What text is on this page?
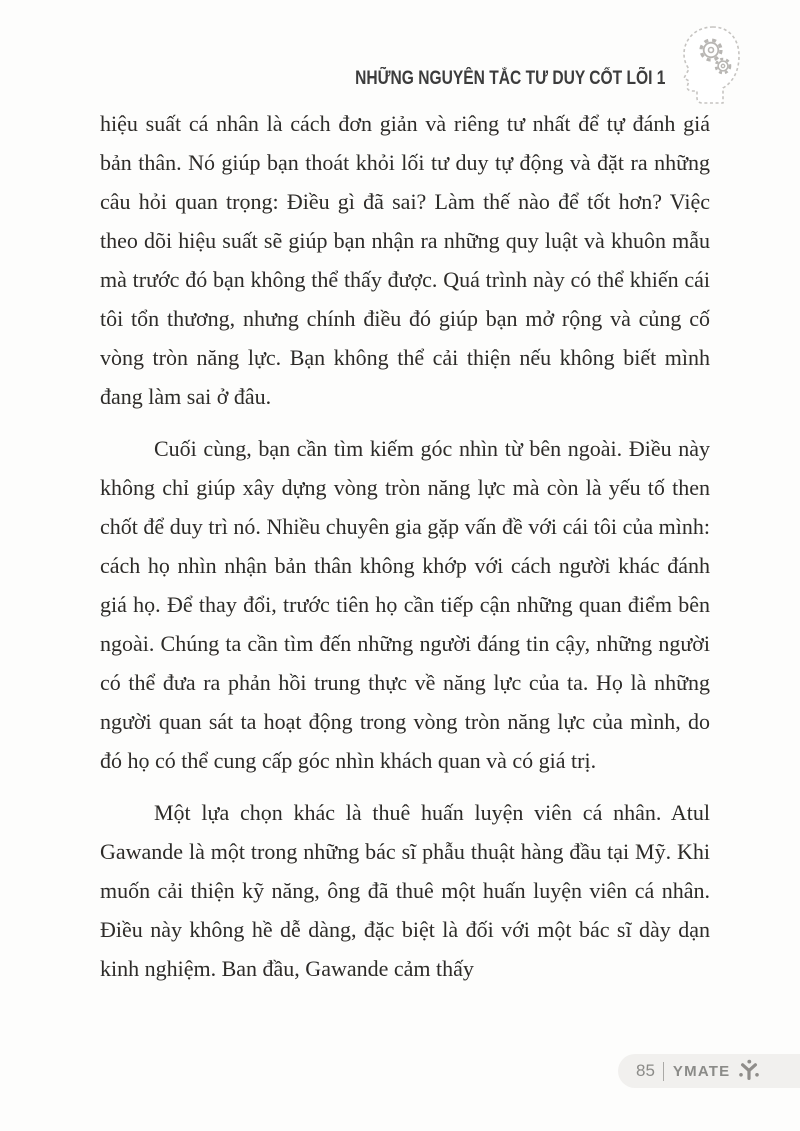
NHỮNG NGUYÊN TẮC TƯ DUY CỐT LÕI 1

hiệu suất cá nhân là cách đơn giản và riêng tư nhất để tự đánh giá bản thân. Nó giúp bạn thoát khỏi lối tư duy tự động và đặt ra những câu hỏi quan trọng: Điều gì đã sai? Làm thế nào để tốt hơn? Việc theo dõi hiệu suất sẽ giúp bạn nhận ra những quy luật và khuôn mẫu mà trước đó bạn không thể thấy được. Quá trình này có thể khiến cái tôi tổn thương, nhưng chính điều đó giúp bạn mở rộng và củng cố vòng tròn năng lực. Bạn không thể cải thiện nếu không biết mình đang làm sai ở đâu.

Cuối cùng, bạn cần tìm kiếm góc nhìn từ bên ngoài. Điều này không chỉ giúp xây dựng vòng tròn năng lực mà còn là yếu tố then chốt để duy trì nó. Nhiều chuyên gia gặp vấn đề với cái tôi của mình: cách họ nhìn nhận bản thân không khớp với cách người khác đánh giá họ. Để thay đổi, trước tiên họ cần tiếp cận những quan điểm bên ngoài. Chúng ta cần tìm đến những người đáng tin cậy, những người có thể đưa ra phản hồi trung thực về năng lực của ta. Họ là những người quan sát ta hoạt động trong vòng tròn năng lực của mình, do đó họ có thể cung cấp góc nhìn khách quan và có giá trị.

Một lựa chọn khác là thuê huấn luyện viên cá nhân. Atul Gawande là một trong những bác sĩ phẫu thuật hàng đầu tại Mỹ. Khi muốn cải thiện kỹ năng, ông đã thuê một huấn luyện viên cá nhân. Điều này không hề dễ dàng, đặc biệt là đối với một bác sĩ dày dạn kinh nghiệm. Ban đầu, Gawande cảm thấy

85 YMATE
